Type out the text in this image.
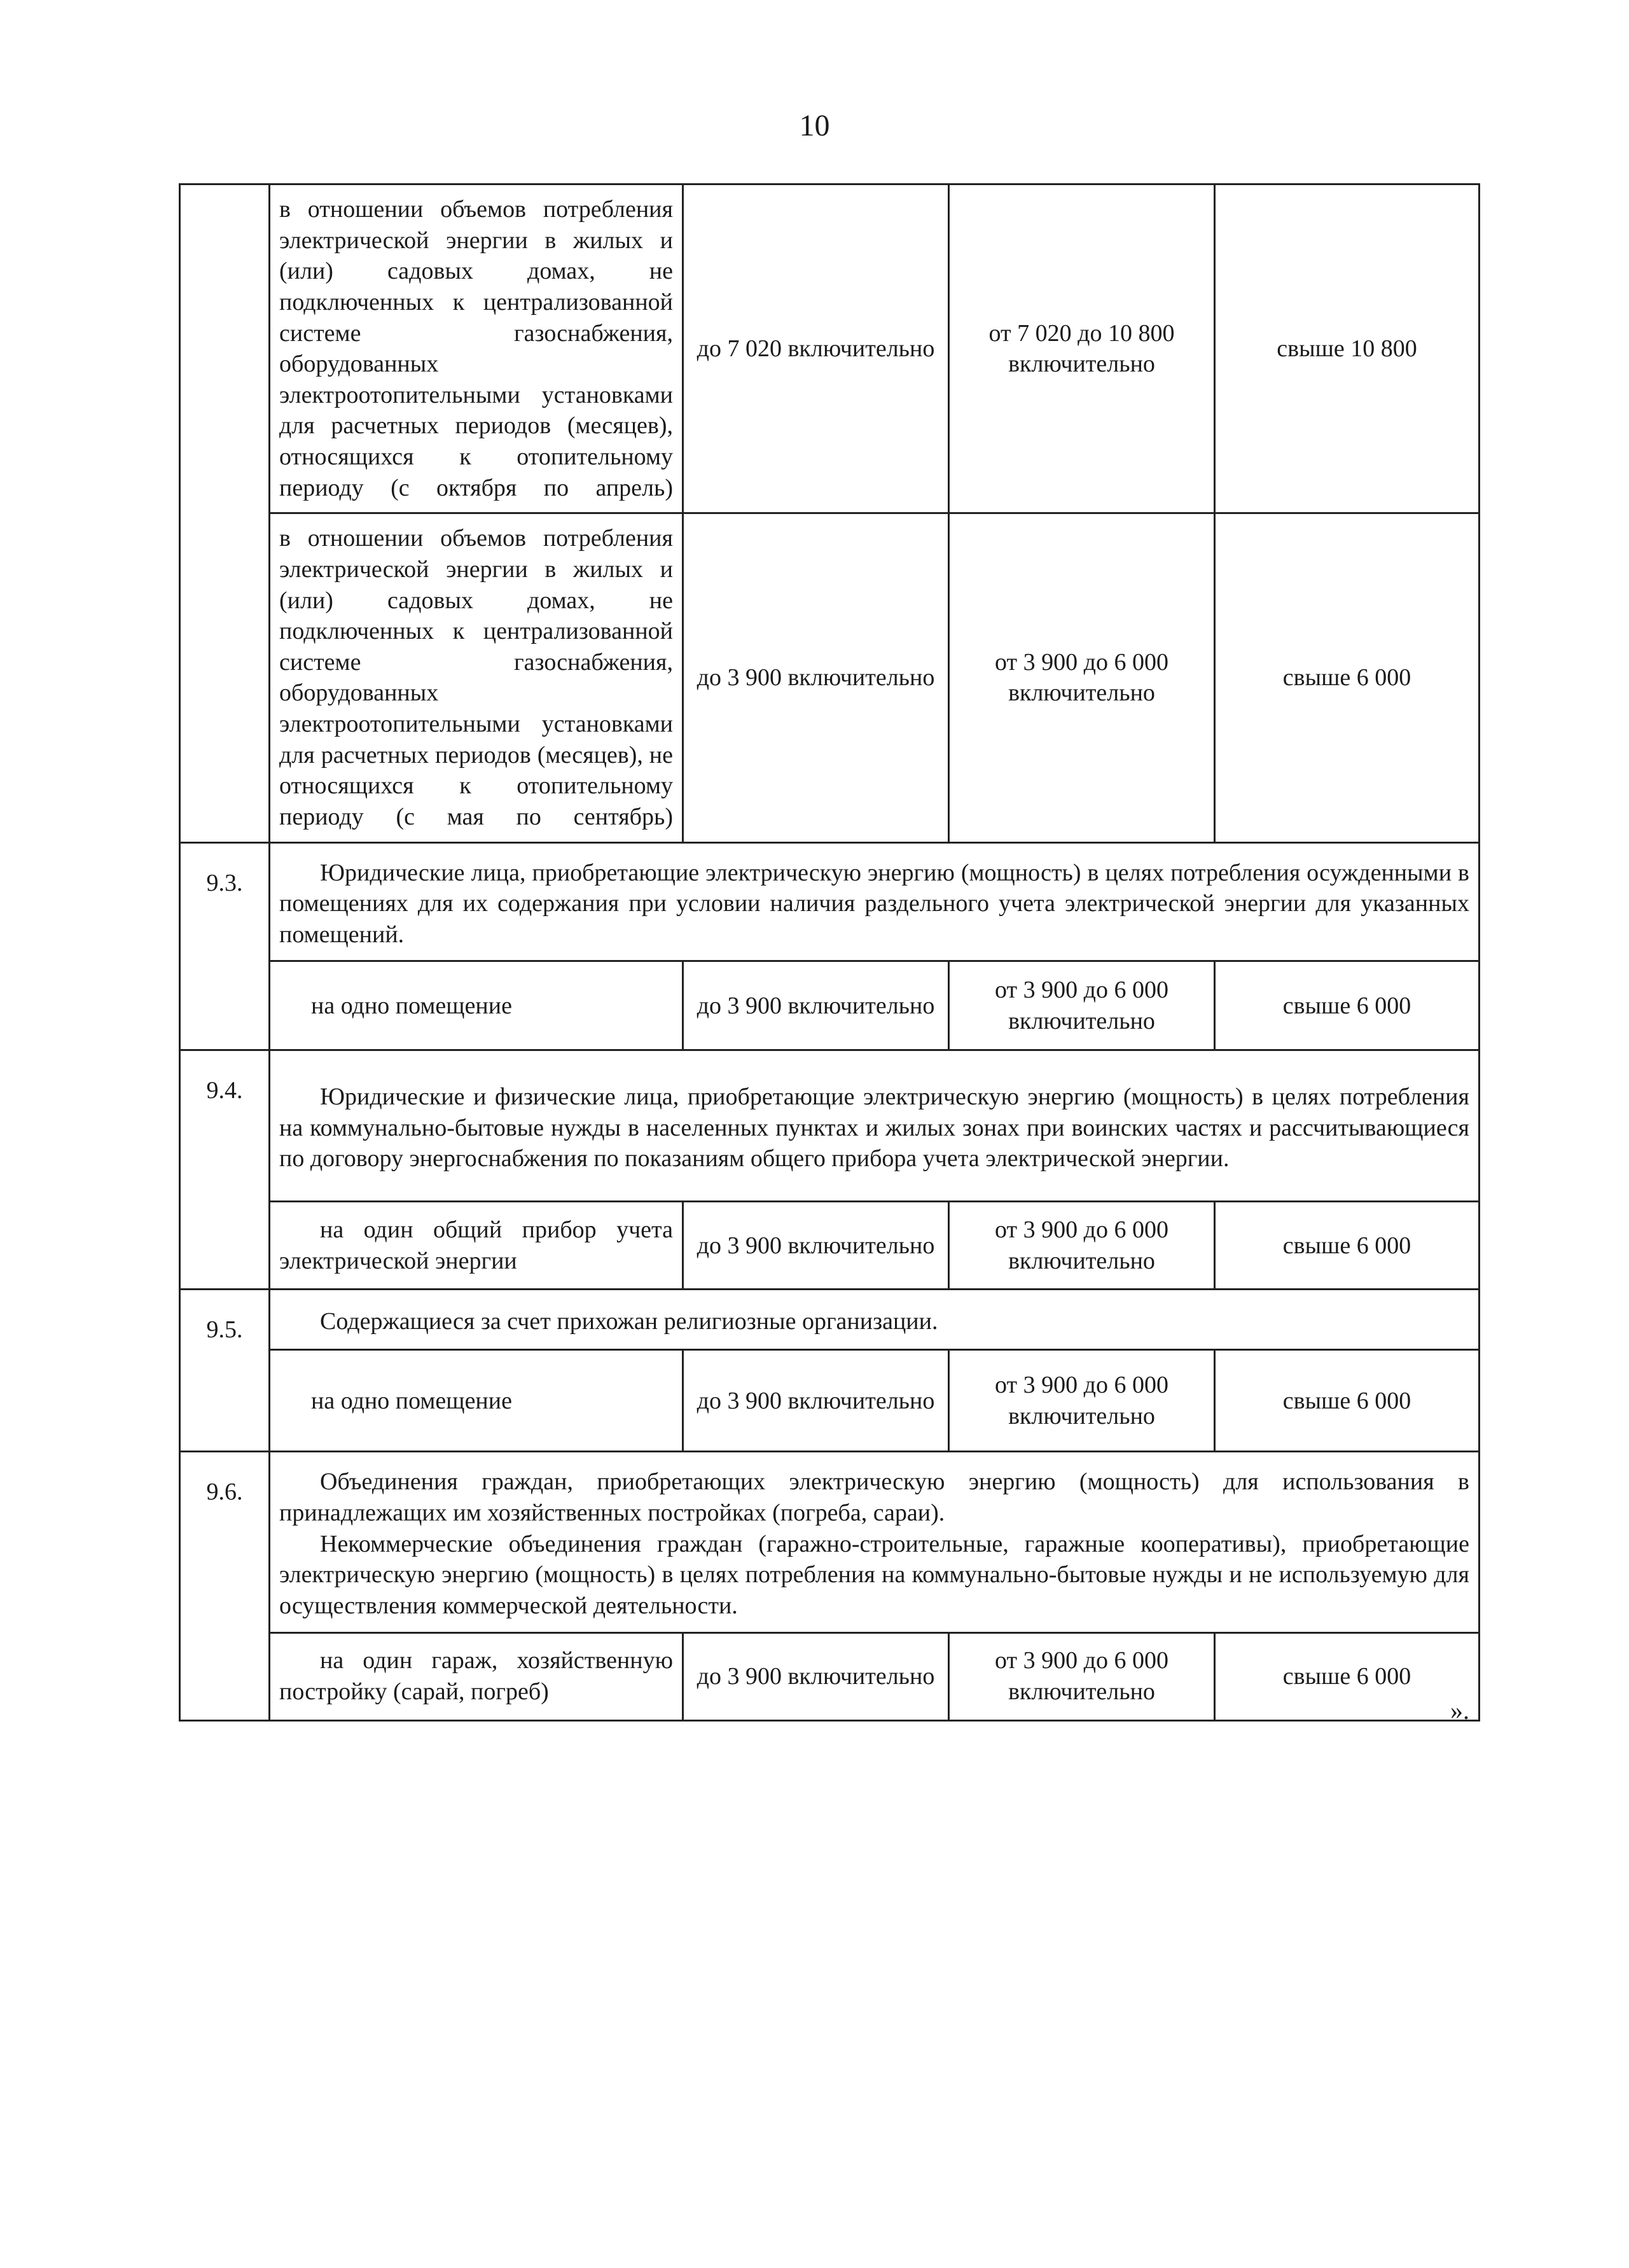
10
	в отношении объемов потребления электрической энергии в жилых и (или) садовых домах, не подключенных к централизованной системе газоснабжения, оборудованных электроотопительными установками для расчетных периодов (месяцев), относящихся к отопительному периоду (с октября по апрель)	до 7 020 включительно	от 7 020 до 10 800 включительно	свыше 10 800
	в отношении объемов потребления электрической энергии в жилых и (или) садовых домах, не подключенных к централизованной системе газоснабжения, оборудованных электроотопительными установками для расчетных периодов (месяцев), не относящихся к отопительному периоду (с мая по сентябрь)	до 3 900 включительно	от 3 900 до 6 000 включительно	свыше 6 000
9.3.	Юридические лица, приобретающие электрическую энергию (мощность) в целях потребления осужденными в помещениях для их содержания при условии наличия раздельного учета электрической энергии для указанных помещений.			
	на одно помещение	до 3 900 включительно	от 3 900 до 6 000 включительно	свыше 6 000
9.4.	Юридические и физические лица, приобретающие электрическую энергию (мощность) в целях потребления на коммунально-бытовые нужды в населенных пунктах и жилых зонах при воинских частях и рассчитывающиеся по договору энергоснабжения по показаниям общего прибора учета электрической энергии.			
	на один общий прибор учета электрической энергии	до 3 900 включительно	от 3 900 до 6 000 включительно	свыше 6 000
9.5.	Содержащиеся за счет прихожан религиозные организации.			
	на одно помещение	до 3 900 включительно	от 3 900 до 6 000 включительно	свыше 6 000
9.6.	Объединения граждан, приобретающих электрическую энергию (мощность) для использования в принадлежащих им хозяйственных постройках (погреба, сараи).

Некоммерческие объединения граждан (гаражно-строительные, гаражные кооперативы), приобретающие электрическую энергию (мощность) в целях потребления на коммунально-бытовые нужды и не используемую для осуществления коммерческой деятельности.			

	на один гараж, хозяйственную постройку (сарай, погреб)	до 3 900 включительно	от 3 900 до 6 000 включительно	свыше 6 000
».
